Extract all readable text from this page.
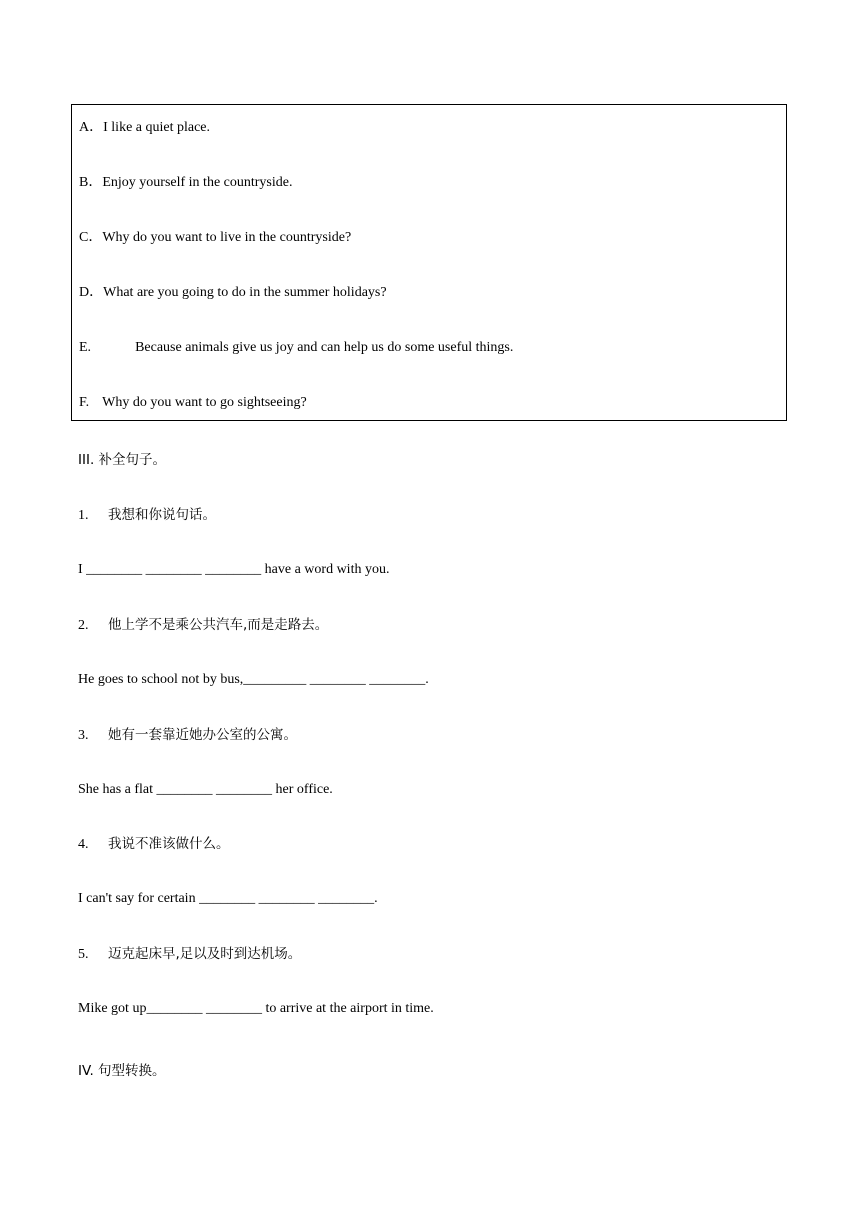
A．I like a quiet place.
B．Enjoy yourself in the countryside.
C．Why do you want to live in the countryside?
D．What are you going to do in the summer holidays?
E.	Because animals give us joy and can help us do some useful things.
F. Why do you want to go sightseeing?
III. 补全句子。
1. 我想和你说句话。
I ________ ________ ________ have a word with you.
2. 他上学不是乘公共汽车,而是走路去。
He goes to school not by bus,_________ ________ ________.
3. 她有一套靠近她办公室的公寓。
She has a flat ________ ________ her office.
4. 我说不准该做什么。
I can't say for certain ________ ________ ________.
5. 迈克起床早,足以及时到达机场。
Mike got up________ ________ to arrive at the airport in time.
IV. 句型转换。
